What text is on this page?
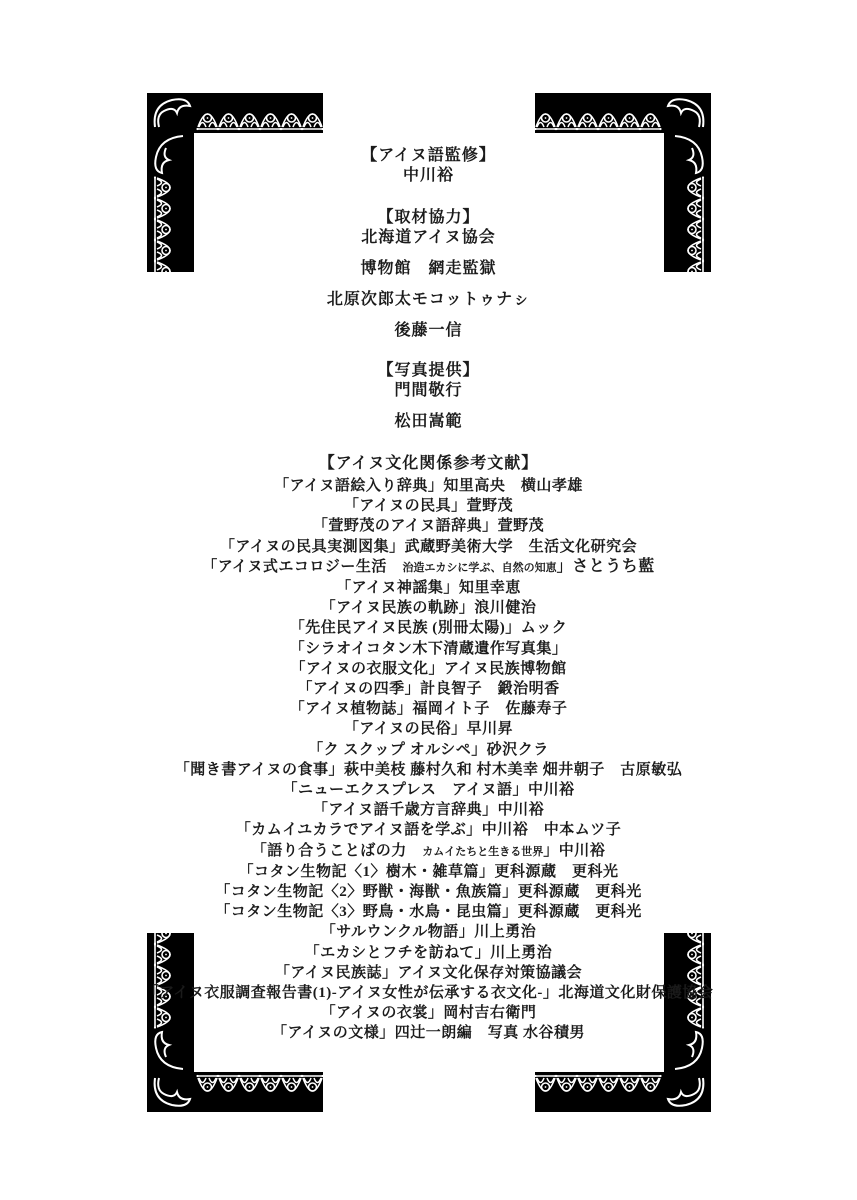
【アイヌ語監修】
中川裕
【取材協力】
北海道アイヌ協会
博物館　網走監獄
北原次郎太モコットゥナㇱ
後藤一信
【写真提供】
門間敬行
松田嵩範
【アイヌ文化関係参考文献】
「アイヌ語絵入り辞典」知里高央　横山孝雄
「アイヌの民具」萱野茂
「萱野茂のアイヌ語辞典」萱野茂
「アイヌの民具実測図集」武蔵野美術大学　生活文化研究会
「アイヌ式エコロジー生活　治造エカシに学ぶ、自然の知恵」さとうち藍
「アイヌ神謡集」知里幸恵
「アイヌ民族の軌跡」浪川健治
「先住民アイヌ民族 (別冊太陽)」ムック
「シラオイコタン木下清蔵遺作写真集」
「アイヌの衣服文化」アイヌ民族博物館
「アイヌの四季」計良智子　鍛治明香
「アイヌ植物誌」福岡イト子　佐藤寿子
「アイヌの民俗」早川昇
「ク スクップ オルシペ」砂沢クラ
「聞き書アイヌの食事」萩中美枝 藤村久和 村木美幸 畑井朝子　古原敏弘
「ニューエクスプレス　アイヌ語」中川裕
「アイヌ語千歳方言辞典」中川裕
「カムイユカラでアイヌ語を学ぶ」中川裕　中本ムツ子
「語り合うことばの力　カムイたちと生きる世界」中川裕
「コタン生物記〈1〉樹木・雑草篇」更科源蔵　更科光
「コタン生物記〈2〉野獣・海獣・魚族篇」更科源蔵　更科光
「コタン生物記〈3〉野鳥・水鳥・昆虫篇」更科源蔵　更科光
「サルウンクル物語」川上勇治
「エカシとフチを訪ねて」川上勇治
「アイヌ民族誌」アイヌ文化保存対策協議会
「アイヌ衣服調査報告書(1)-アイヌ女性が伝承する衣文化-」北海道文化財保護協会
「アイヌの衣裳」岡村吉右衛門
「アイヌの文様」四辻一朗編　写真 水谷積男
